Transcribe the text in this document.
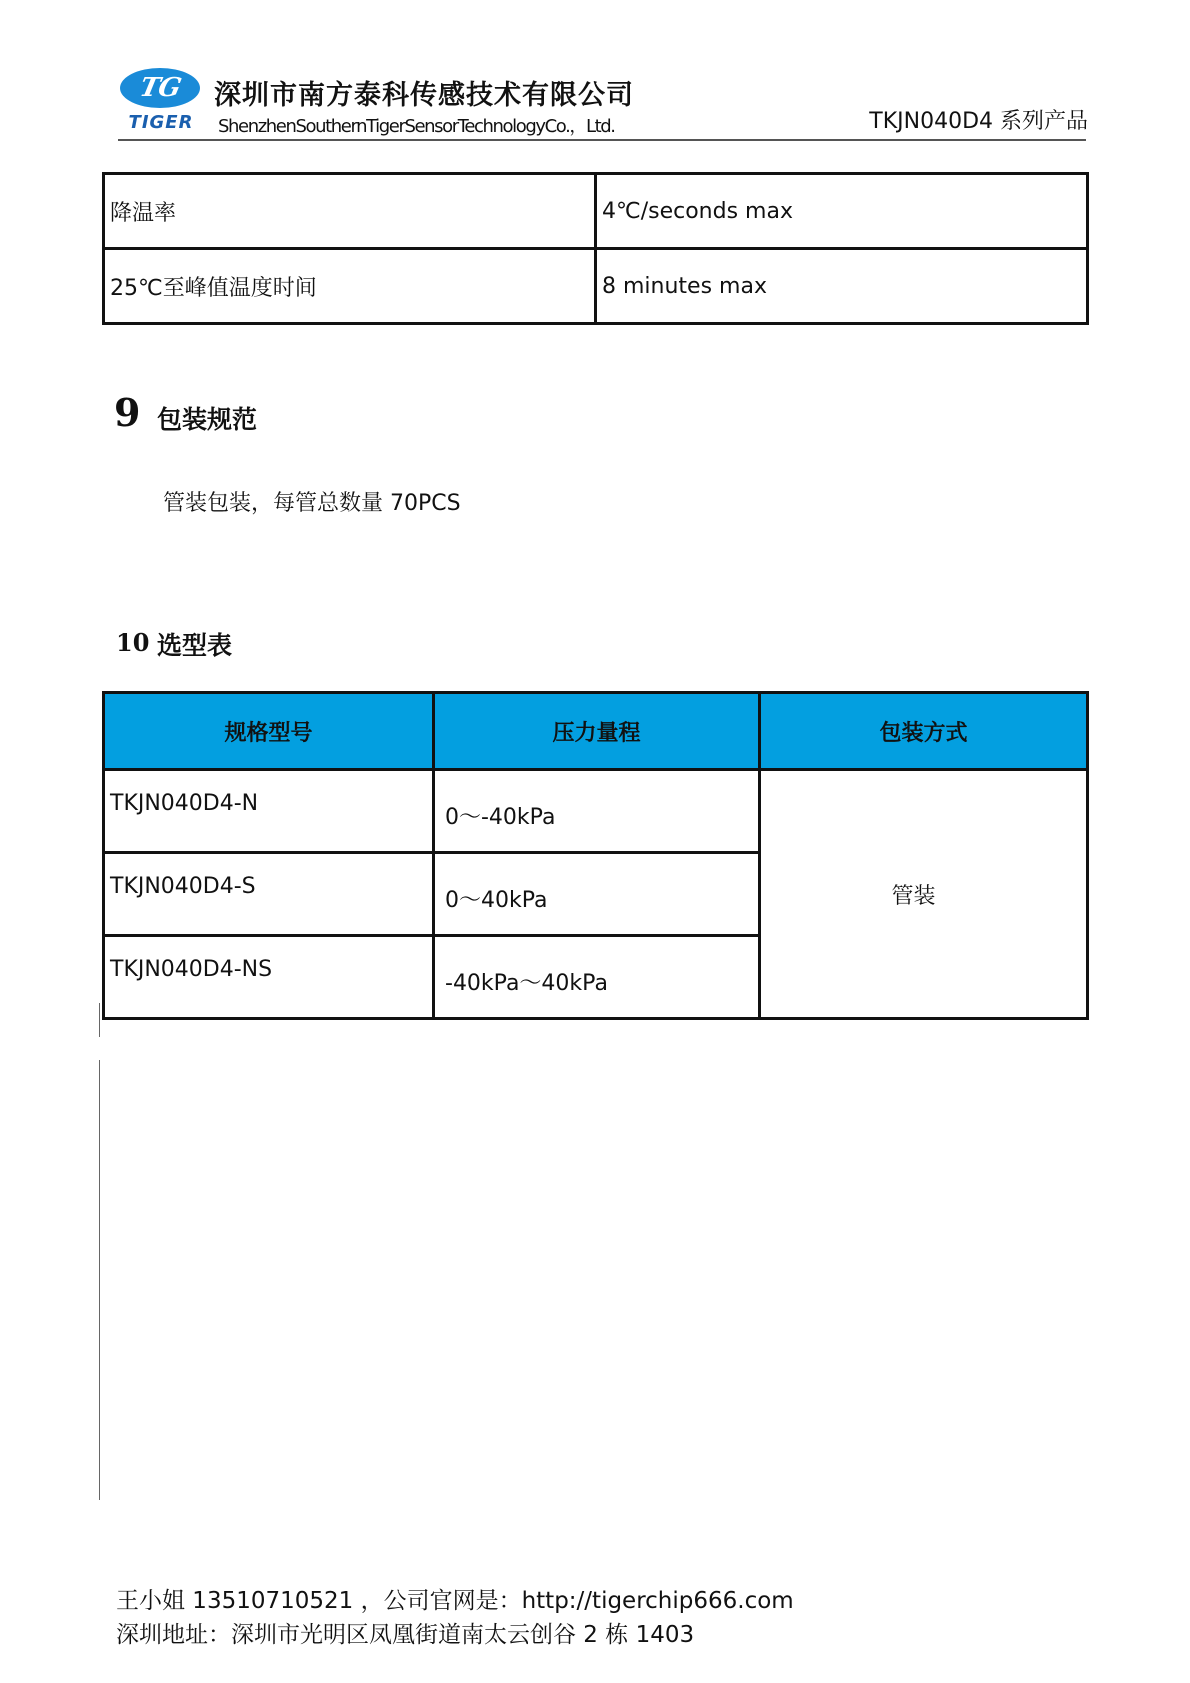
TG
TIGER
深圳市南方泰科传感技术有限公司
ShenzhenSouthernTigerSensorTechnologyCo.，Ltd.	TKJN040D4 系列产品
降温率	4℃/seconds max
25℃至峰值温度时间	8 minutes max
9 包装规范
管装包装，每管总数量 70PCS
10 选型表
规格型号	压力量程	包装方式
TKJN040D4-N	0～-40kPa	管装
TKJN040D4-S	0～40kPa	
TKJN040D4-NS	-40kPa～40kPa	
王小姐 13510710521 ，公司官网是：http://tigerchip666.com
深圳地址：深圳市光明区凤凰街道南太云创谷 2 栋 1403
